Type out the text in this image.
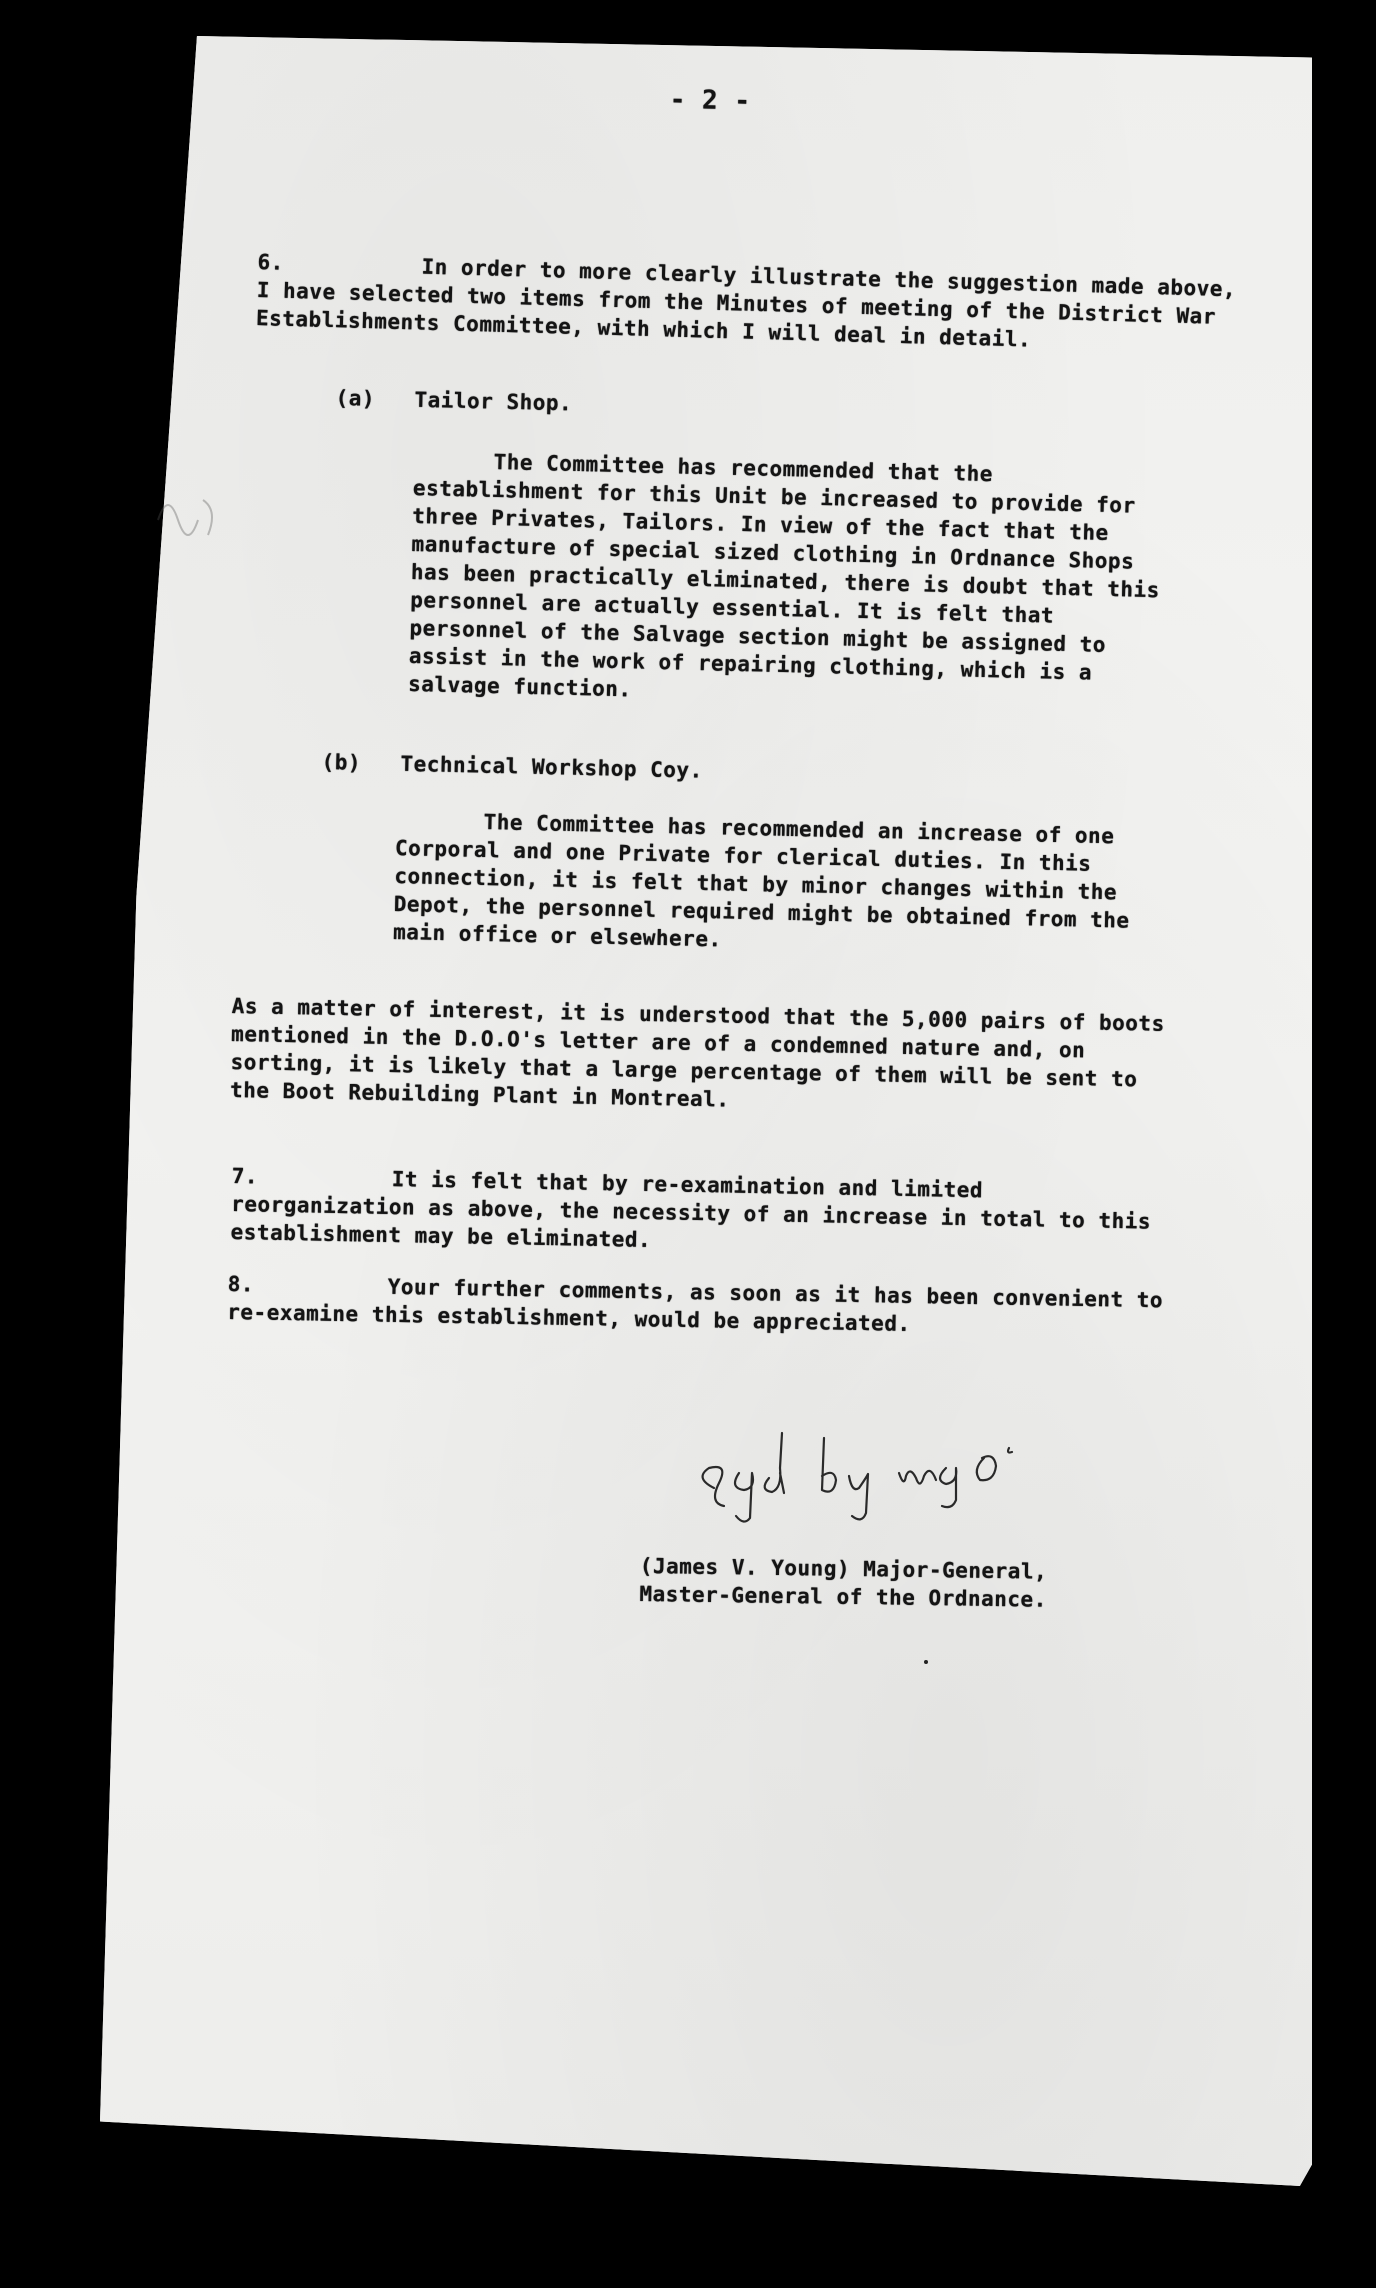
- 2 -
6.	In order to more clearly illustrate the suggestion made above, I have selected two items from the Minutes of meeting of the District War Establishments Committee, with which I will deal in detail.
(a) Tailor Shop.
The Committee has recommended that the establishment for this Unit be increased to provide for three Privates, Tailors. In view of the fact that the manufacture of special sized clothing in Ordnance Shops has been practically eliminated, there is doubt that this personnel are actually essential. It is felt that personnel of the Salvage section might be assigned to assist in the work of repairing clothing, which is a salvage function.
(b) Technical Workshop Coy.
The Committee has recommended an increase of one Corporal and one Private for clerical duties. In this connection, it is felt that by minor changes within the Depot, the personnel required might be obtained from the main office or elsewhere.
As a matter of interest, it is understood that the 5,000 pairs of boots mentioned in the D.O.O's letter are of a condemned nature and, on sorting, it is likely that a large percentage of them will be sent to the Boot Rebuilding Plant in Montreal.
7.	It is felt that by re-examination and limited reorganization as above, the necessity of an increase in total to this establishment may be eliminated.
8.	Your further comments, as soon as it has been convenient to re-examine this establishment, would be appreciated.
Sgd by MGO
(James V. Young) Major-General,
Master-General of the Ordnance.
